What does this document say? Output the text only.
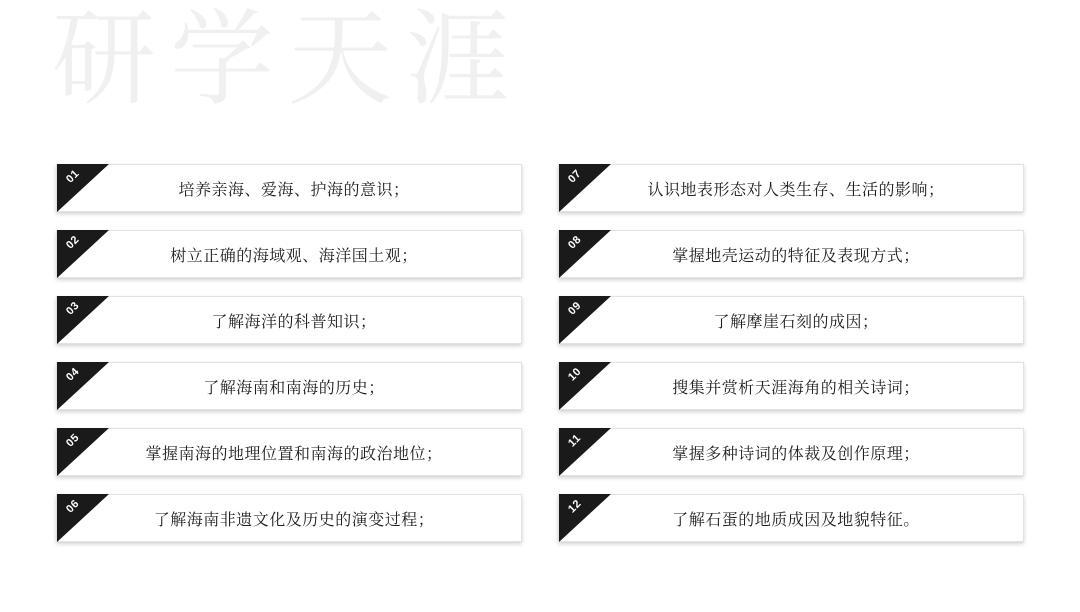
研学天涯
01
培养亲海、爱海、护海的意识；
02
树立正确的海域观、海洋国土观；
03
了解海洋的科普知识；
04
了解海南和南海的历史；
05
掌握南海的地理位置和南海的政治地位；
06
了解海南非遗文化及历史的演变过程；
07
认识地表形态对人类生存、生活的影响；
08
掌握地壳运动的特征及表现方式；
09
了解摩崖石刻的成因；
10
搜集并赏析天涯海角的相关诗词；
11
掌握多种诗词的体裁及创作原理；
12
了解石蛋的地质成因及地貌特征。
